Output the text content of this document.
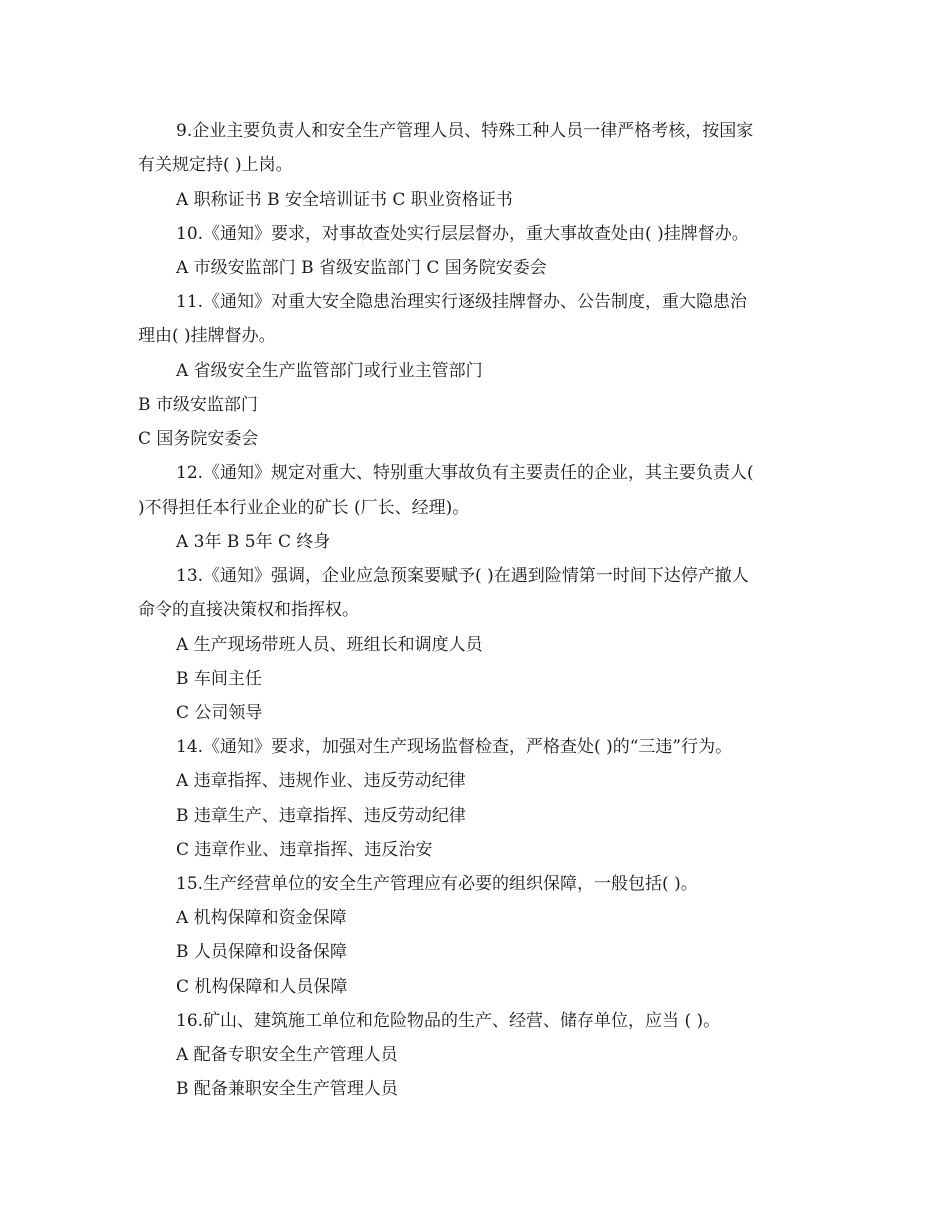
9.企业主要负责人和安全生产管理人员、特殊工种人员一律严格考核，按国家
有关规定持( )上岗。
A 职称证书 B 安全培训证书 C 职业资格证书
10.《通知》要求，对事故查处实行层层督办，重大事故查处由( )挂牌督办。
A 市级安监部门 B 省级安监部门 C 国务院安委会
11.《通知》对重大安全隐患治理实行逐级挂牌督办、公告制度，重大隐患治
理由( )挂牌督办。
A 省级安全生产监管部门或行业主管部门
B 市级安监部门
C 国务院安委会
12.《通知》规定对重大、特别重大事故负有主要责任的企业，其主要负责人(
)不得担任本行业企业的矿长 (厂长、经理)。
A 3年 B 5年 C 终身
13.《通知》强调，企业应急预案要赋予( )在遇到险情第一时间下达停产撤人
命令的直接决策权和指挥权。
A 生产现场带班人员、班组长和调度人员
B 车间主任
C 公司领导
14.《通知》要求，加强对生产现场监督检查，严格查处( )的“三违”行为。
A 违章指挥、违规作业、违反劳动纪律
B 违章生产、违章指挥、违反劳动纪律
C 违章作业、违章指挥、违反治安
15.生产经营单位的安全生产管理应有必要的组织保障，一般包括( )。
A 机构保障和资金保障
B 人员保障和设备保障
C 机构保障和人员保障
16.矿山、建筑施工单位和危险物品的生产、经营、储存单位，应当 ( )。
A 配备专职安全生产管理人员
B 配备兼职安全生产管理人员
